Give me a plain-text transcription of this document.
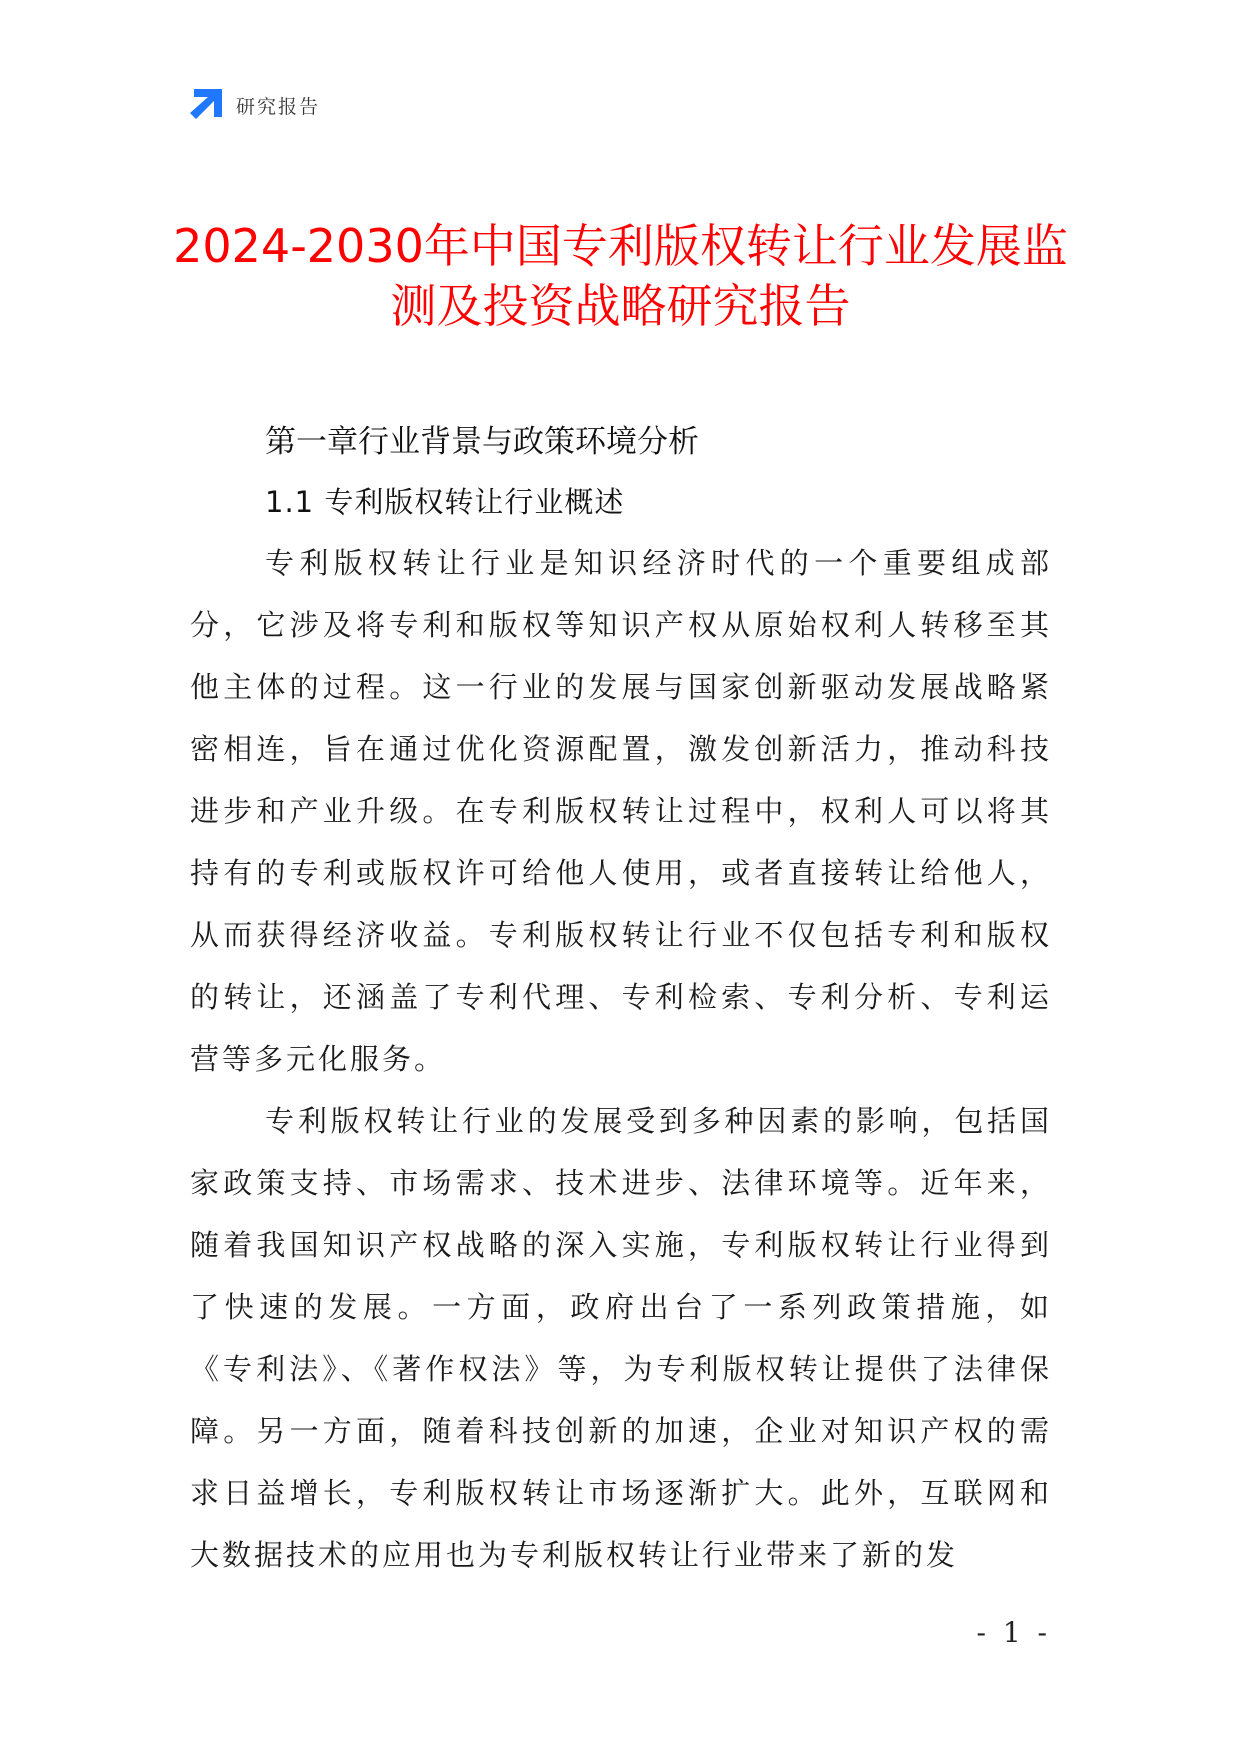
研究报告
2024-2030年中国专利版权转让行业发展监
测及投资战略研究报告
第一章行业背景与政策环境分析
1.1 专利版权转让行业概述

专利版权转让行业是知识经济时代的一个重要组成部分，它涉及将专利和版权等知识产权从原始权利人转移至其他主体的过程。这一行业的发展与国家创新驱动发展战略紧密相连，旨在通过优化资源配置，激发创新活力，推动科技进步和产业升级。在专利版权转让过程中，权利人可以将其持有的专利或版权许可给他人使用，或者直接转让给他人，从而获得经济收益。专利版权转让行业不仅包括专利和版权的转让，还涵盖了专利代理、专利检索、专利分析、专利运营等多元化服务。

专利版权转让行业的发展受到多种因素的影响，包括国家政策支持、市场需求、技术进步、法律环境等。近年来，随着我国知识产权战略的深入实施，专利版权转让行业得到了快速的发展。一方面，政府出台了一系列政策措施，如《专利法》、《著作权法》等，为专利版权转让提供了法律保障。另一方面，随着科技创新的加速，企业对知识产权的需求日益增长，专利版权转让市场逐渐扩大。此外，互联网和大数据技术的应用也为专利版权转让行业带来了新的发

- 1 -
